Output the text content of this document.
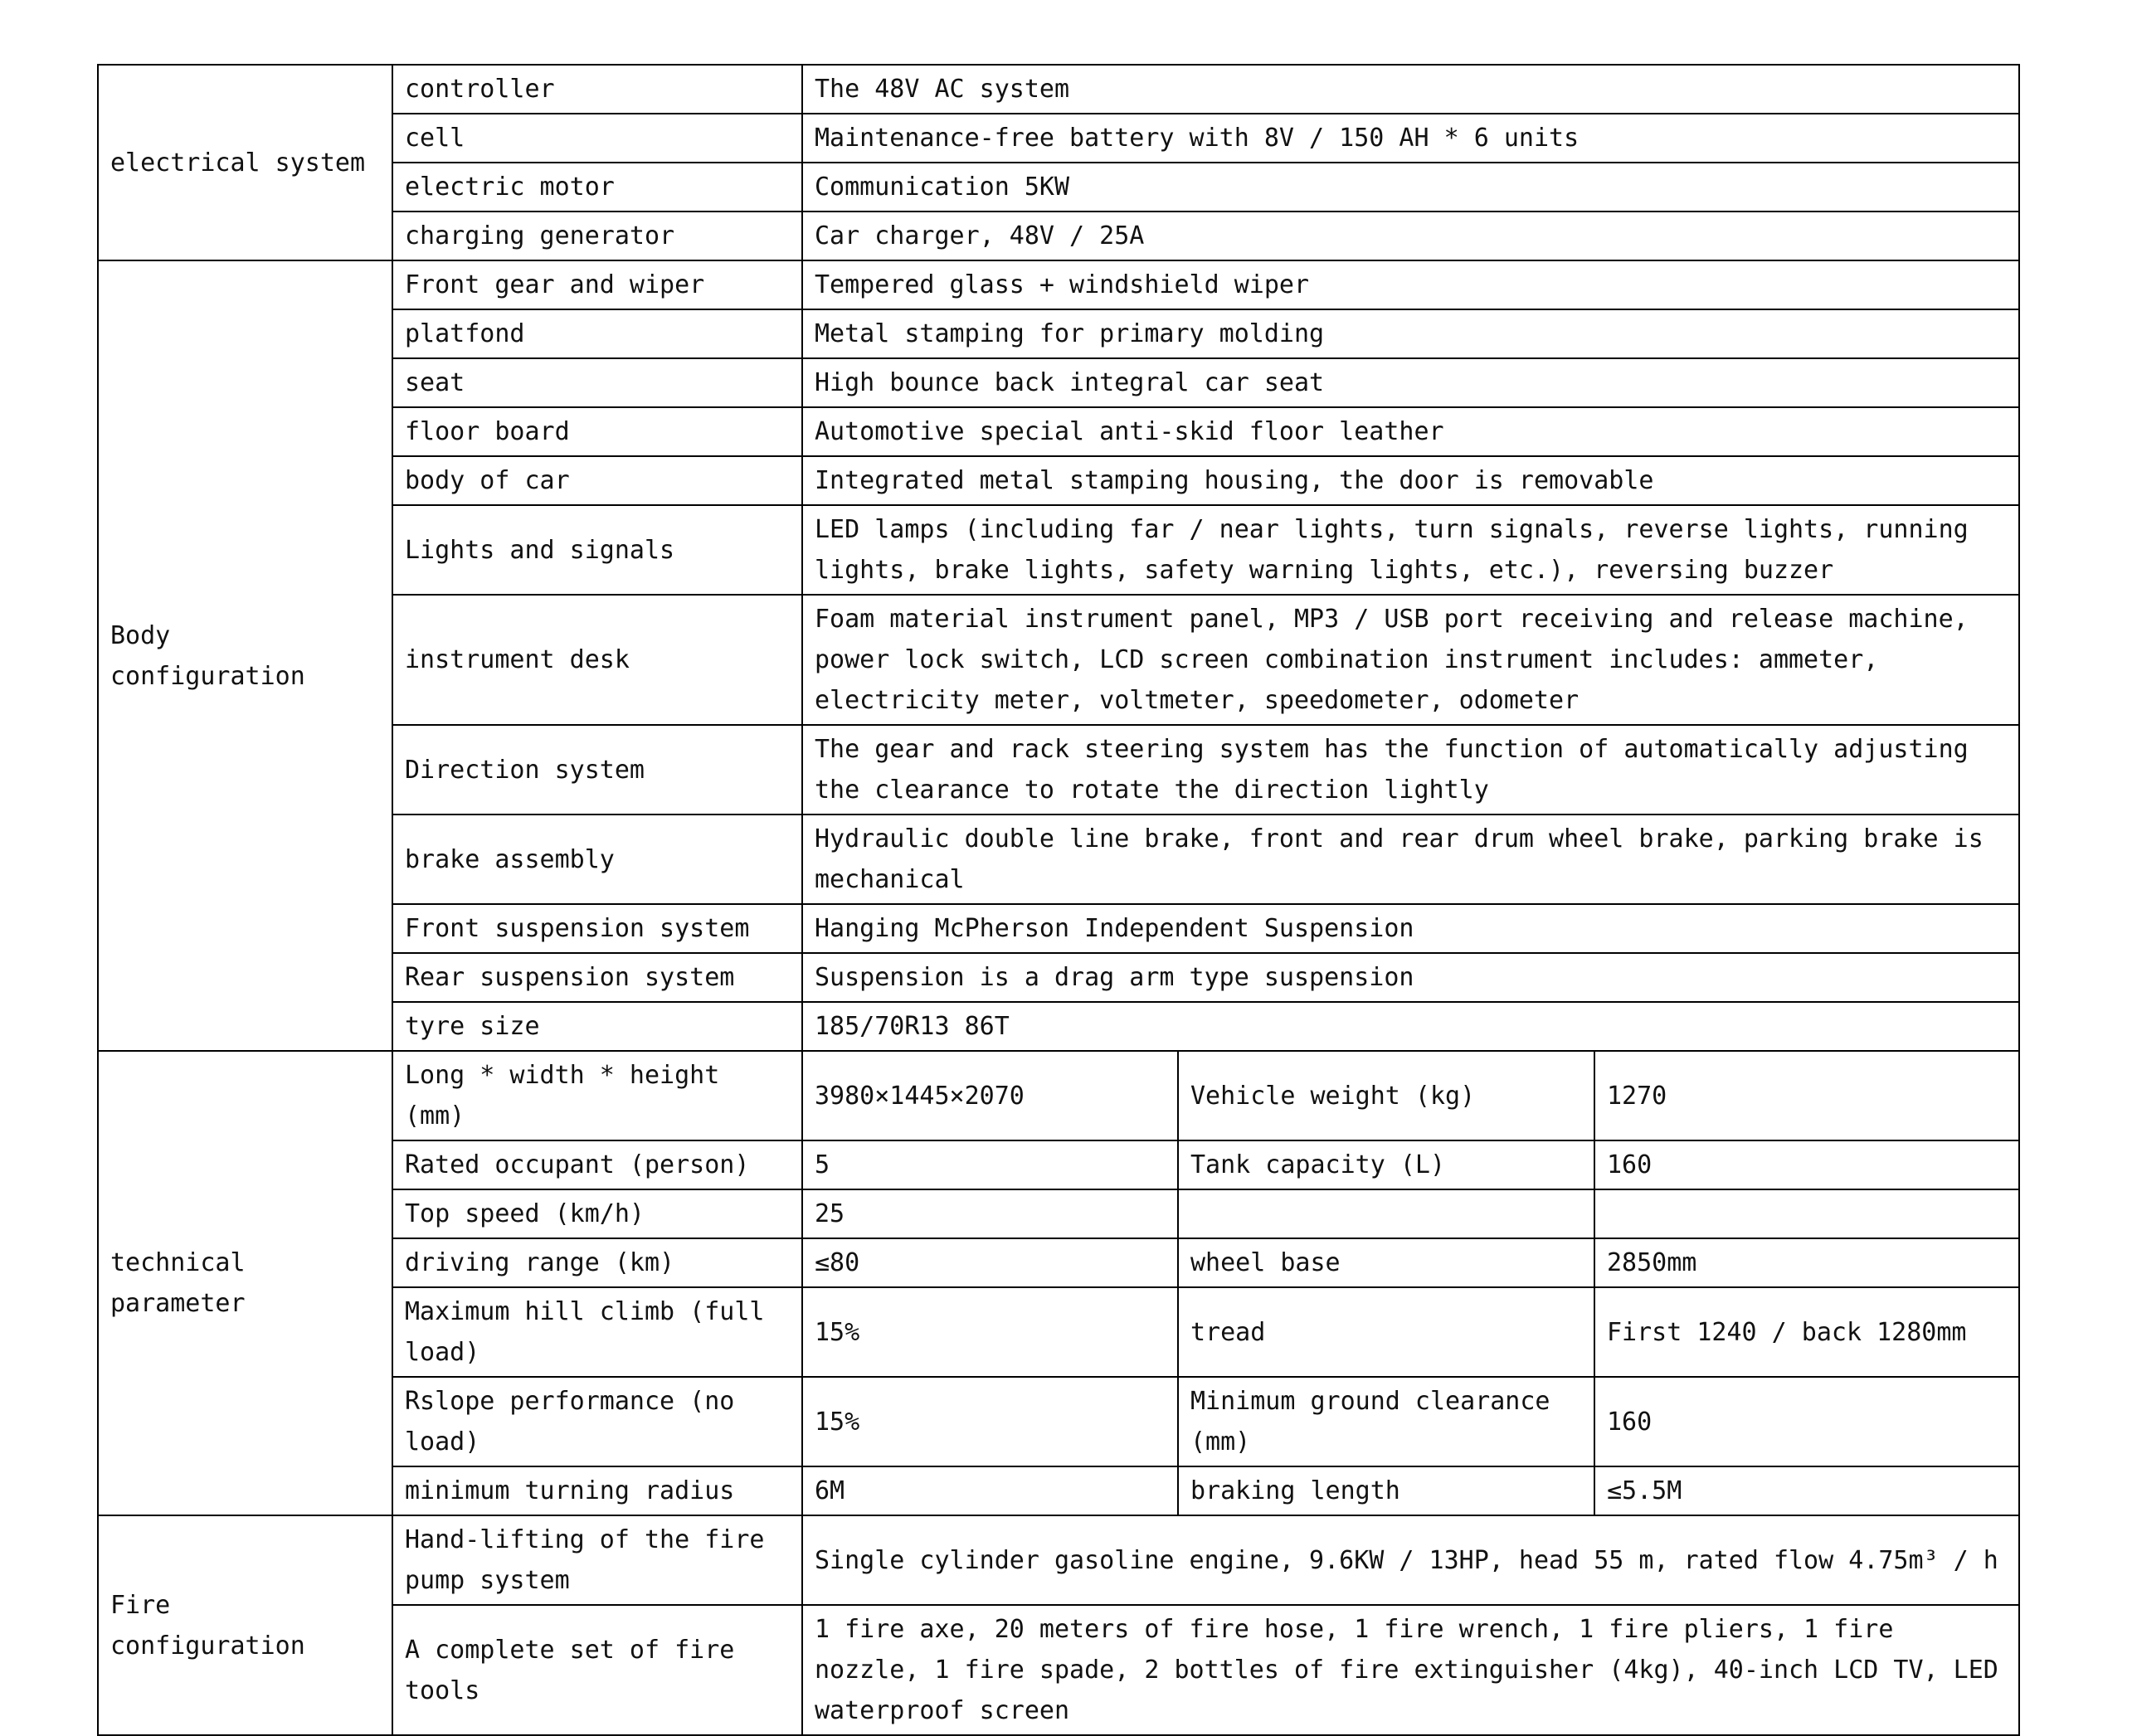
electrical system	controller	The 48V AC system		
	cell	Maintenance-free battery with 8V / 150 AH * 6 units		
	electric motor	Communication 5KW		
	charging generator	Car charger, 48V / 25A		
Body configuration	Front gear and wiper	Tempered glass + windshield wiper		
	platfond	Metal stamping for primary molding		
	seat	High bounce back integral car seat		
	floor board	Automotive special anti-skid floor leather		
	body of car	Integrated metal stamping housing, the door is removable		
	Lights and signals	LED lamps (including far / near lights, turn signals, reverse lights, running lights, brake lights, safety warning lights, etc.), reversing buzzer		
	instrument desk	Foam material instrument panel, MP3 / USB port receiving and release machine, power lock switch, LCD screen combination instrument includes: ammeter, electricity meter, voltmeter, speedometer, odometer		
	Direction system	The gear and rack steering system has the function of automatically adjusting the clearance to rotate the direction lightly		
	brake assembly	Hydraulic double line brake, front and rear drum wheel brake, parking brake is mechanical		
	Front suspension system	Hanging McPherson Independent Suspension		
	Rear suspension system	Suspension is a drag arm type suspension		
	tyre size	185/70R13 86T		
technical parameter	Long * width * height (mm)	3980×1445×2070	Vehicle weight (kg)	1270
	Rated occupant (person)	5	Tank capacity (L)	160
	Top speed (km/h)	25		
	driving range (km)	≤80	wheel base	2850mm
	Maximum hill climb (full load)	15%	tread	First 1240 / back 1280mm
	Rslope performance (no load)	15%	Minimum ground clearance (mm)	160
	minimum turning radius	6M	braking length	≤5.5M
Fire configuration	Hand-lifting of the fire pump system	Single cylinder gasoline engine, 9.6KW / 13HP, head 55 m, rated flow 4.75m³ / h		
	A complete set of fire tools	1 fire axe, 20 meters of fire hose, 1 fire wrench, 1 fire pliers, 1 fire nozzle, 1 fire spade, 2 bottles of fire extinguisher (4kg), 40-inch LCD TV, LED waterproof screen		
